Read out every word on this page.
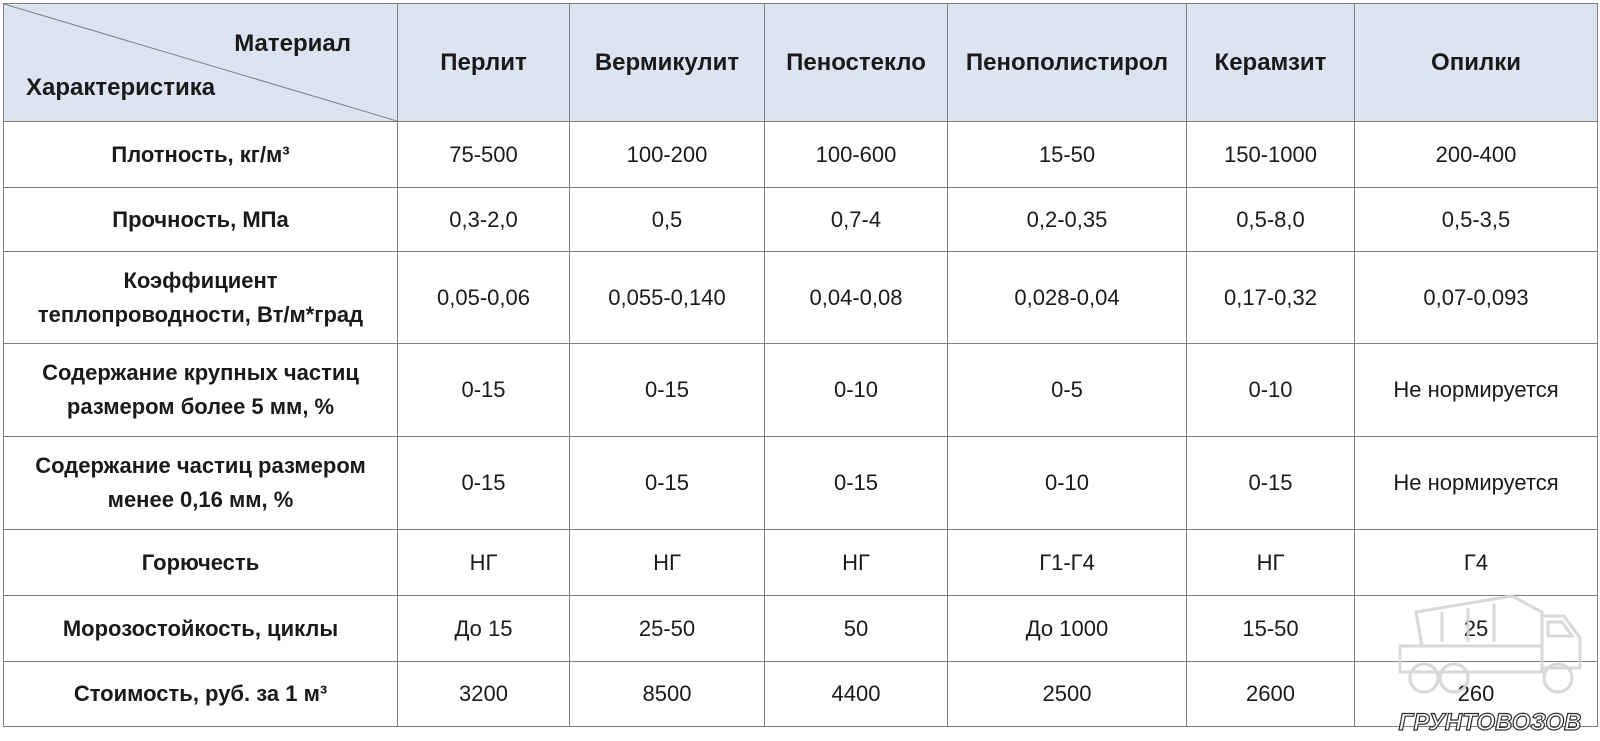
Материал
Характеристика	Перлит	Вермикулит	Пеностекло	Пенополистирол	Керамзит	Опилки

Плотность, кг/м³	75-500	100-200	100-600	15-50	150-1000	200-400

Прочность, МПа	0,3-2,0	0,5	0,7-4	0,2-0,35	0,5-8,0	0,5-3,5

Коэффициент
теплопроводности, Вт/м*град	0,05-0,06	0,055-0,140	0,04-0,08	0,028-0,04	0,17-0,32	0,07-0,093

Содержание крупных частиц
размером более 5 мм, %	0-15	0-15	0-10	0-5	0-10	Не нормируется

Содержание частиц размером
менее 0,16 мм, %	0-15	0-15	0-15	0-10	0-15	Не нормируется

Горючесть	НГ	НГ	НГ	Г1-Г4	НГ	Г4

Морозостойкость, циклы	До 15	25-50	50	До 1000	15-50	25

Стоимость, руб. за 1 м³	3200	8500	4400	2500	2600	260
ГРУНТОВОЗОВ
